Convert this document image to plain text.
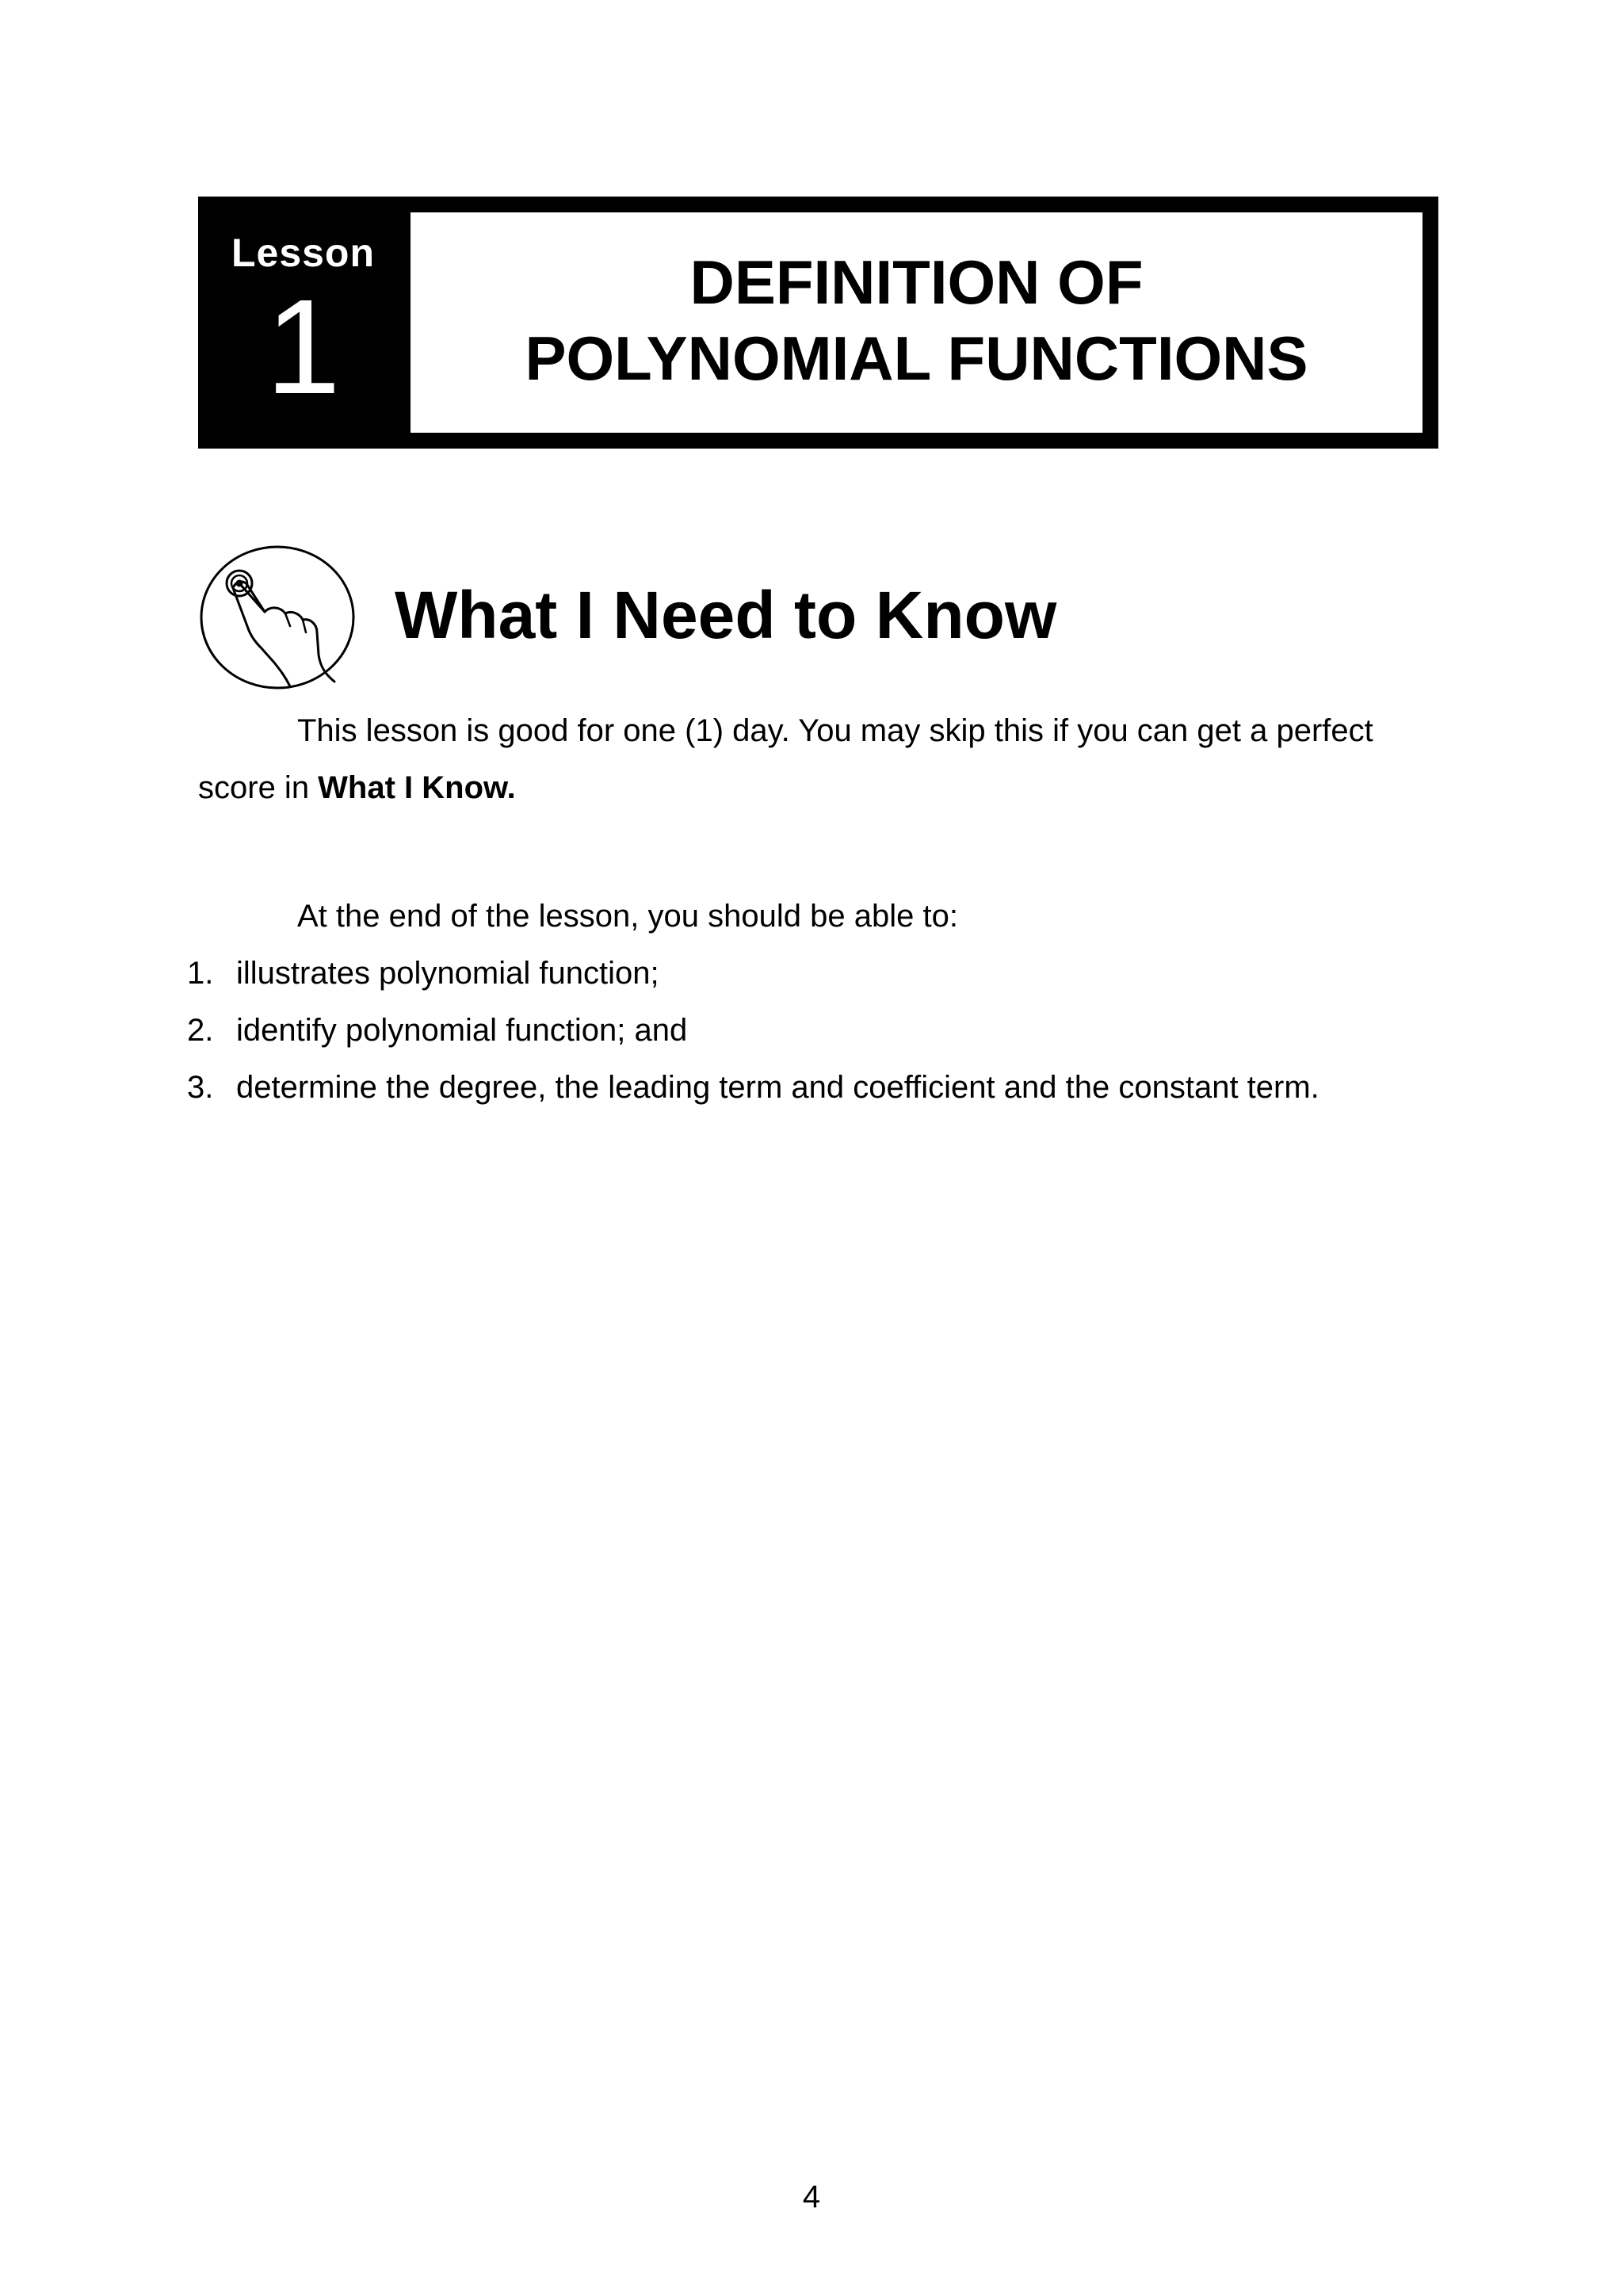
Lesson
1	DEFINITION OF
POLYNOMIAL FUNCTIONS
What I Need to Know
This lesson is good for one (1) day. You may skip this if you can get a perfect
score in What I Know.
At the end of the lesson, you should be able to:
1. illustrates polynomial function;
2. identify polynomial function; and
3. determine the degree, the leading term and coefficient and the constant term.
4
